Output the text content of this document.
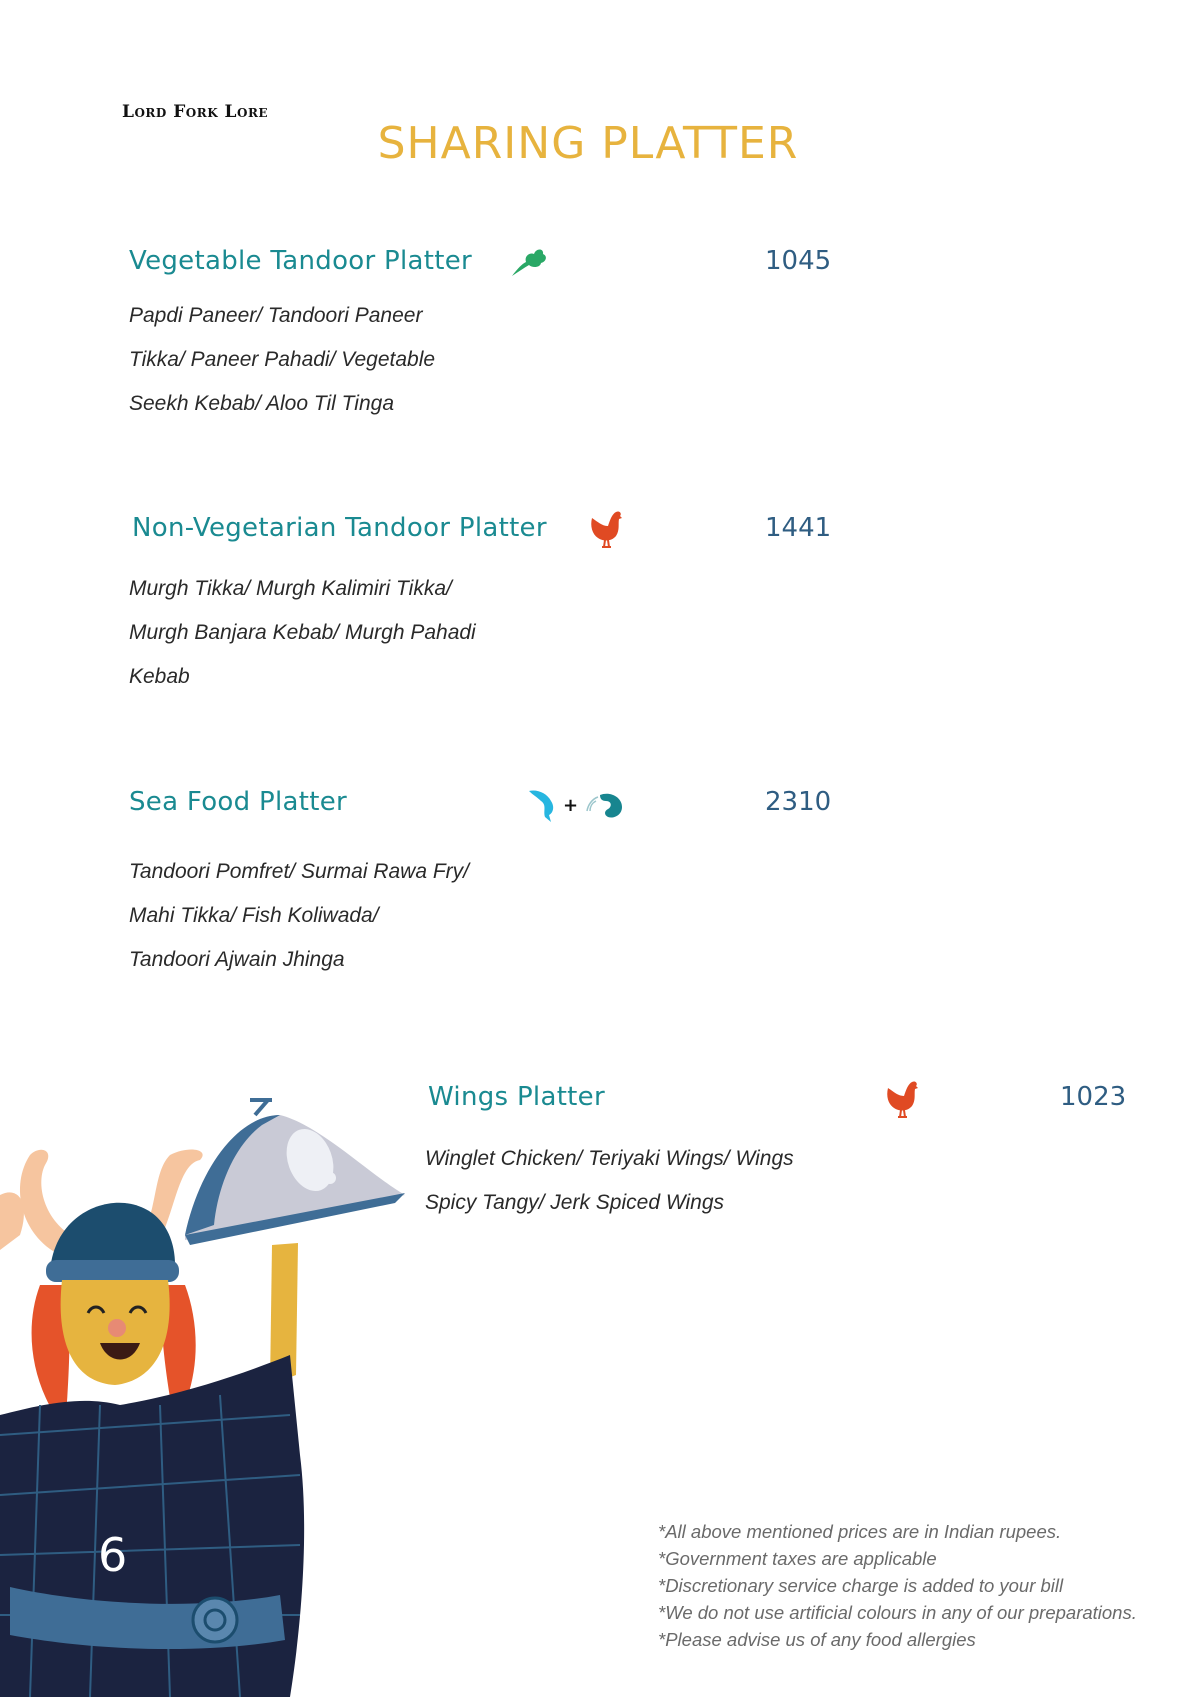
Lord Fork Lore
SHARING PLATTER
Vegetable Tandoor Platter	1045
Papdi Paneer/ Tandoori Paneer
Tikka/ Paneer Pahadi/ Vegetable
Seekh Kebab/ Aloo Til Tinga
Non-Vegetarian Tandoor Platter	1441
Murgh Tikka/ Murgh Kalimiri Tikka/
Murgh Banjara Kebab/ Murgh Pahadi
Kebab
Sea Food Platter	+	2310
Tandoori Pomfret/ Surmai Rawa Fry/
Mahi Tikka/ Fish Koliwada/
Tandoori Ajwain Jhinga
Wings Platter	1023
Winglet Chicken/ Teriyaki Wings/ Wings
Spicy Tangy/ Jerk Spiced Wings
6	*All above mentioned prices are in Indian rupees.
*Government taxes are applicable
*Discretionary service charge is added to your bill
*We do not use artificial colours in any of our preparations.
*Please advise us of any food allergies
